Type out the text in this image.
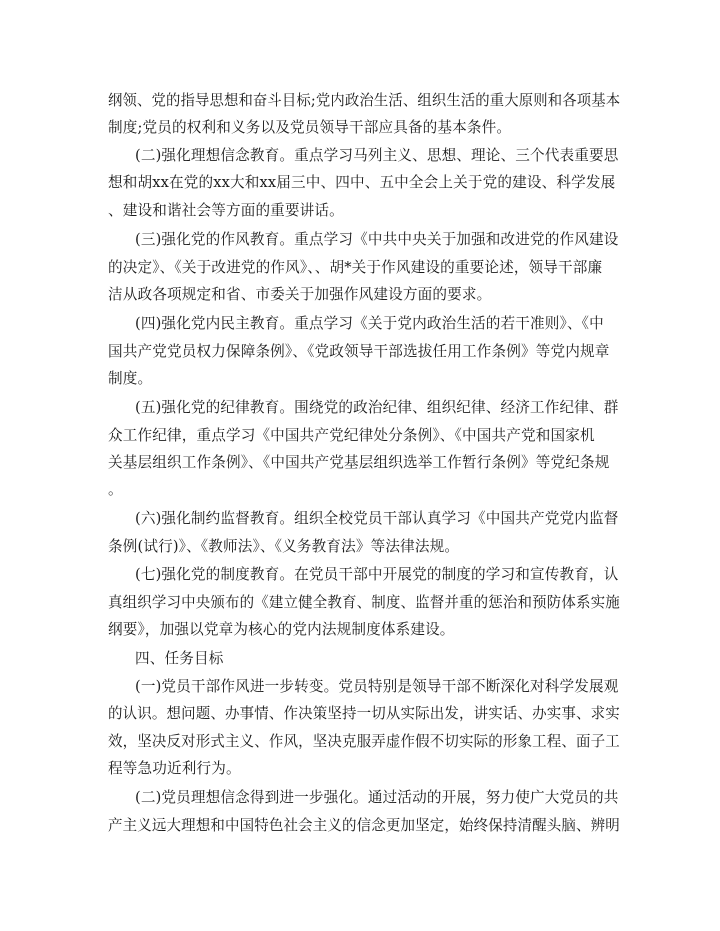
纲领、党的指导思想和奋斗目标;党内政治生活、组织生活的重大原则和各项基本
制度;党员的权利和义务以及党员领导干部应具备的基本条件。
(二)强化理想信念教育。重点学习马列主义、思想、理论、三个代表重要思
想和胡xx在党的xx大和xx届三中、四中、五中全会上关于党的建设、科学发展
、建设和谐社会等方面的重要讲话。
(三)强化党的作风教育。重点学习《中共中央关于加强和改进党的作风建设
的决定》、《关于改进党的作风》、、胡*关于作风建设的重要论述，领导干部廉
洁从政各项规定和省、市委关于加强作风建设方面的要求。
(四)强化党内民主教育。重点学习《关于党内政治生活的若干准则》、《中
国共产党党员权力保障条例》、《党政领导干部选拔任用工作条例》等党内规章
制度。
(五)强化党的纪律教育。围绕党的政治纪律、组织纪律、经济工作纪律、群
众工作纪律，重点学习《中国共产党纪律处分条例》、《中国共产党和国家机
关基层组织工作条例》、《中国共产党基层组织选举工作暂行条例》等党纪条规
。
(六)强化制约监督教育。组织全校党员干部认真学习《中国共产党党内监督
条例(试行)》、《教师法》、《义务教育法》等法律法规。
(七)强化党的制度教育。在党员干部中开展党的制度的学习和宣传教育，认
真组织学习中央颁布的《建立健全教育、制度、监督并重的惩治和预防体系实施
纲要》，加强以党章为核心的党内法规制度体系建设。
四、任务目标
(一)党员干部作风进一步转变。党员特别是领导干部不断深化对科学发展观
的认识。想问题、办事情、作决策坚持一切从实际出发，讲实话、办实事、求实
效，坚决反对形式主义、作风，坚决克服弄虚作假不切实际的形象工程、面子工
程等急功近利行为。
(二)党员理想信念得到进一步强化。通过活动的开展，努力使广大党员的共
产主义远大理想和中国特色社会主义的信念更加坚定，始终保持清醒头脑、辨明
